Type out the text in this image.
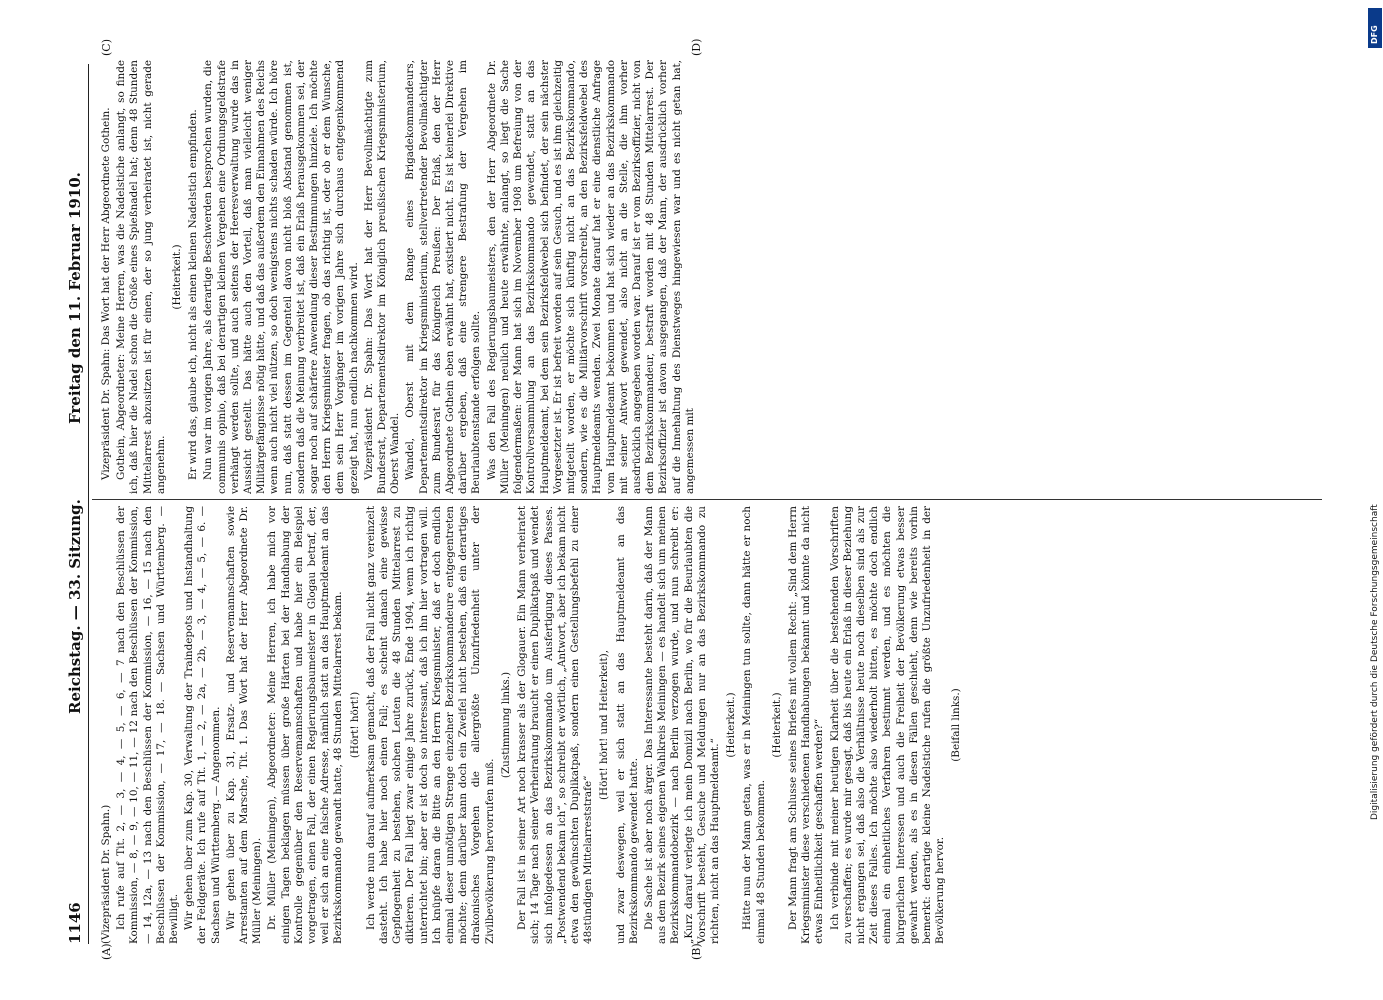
1146
Reichstag. — 33. Sitzung.
Freitag den 11. Februar 1910.
(A)	(B)
(C)	(D)

(Vizepräsident Dr. Spahn.) Ich rufe auf Tit. 2, — 3, — 4, — 5, — 6, — 7 nach den Beschlüssen der Kommission, — 8, — 9, — 10, — 11, — 12 nach den Beschlüssen der Kommission, — 14, 12a, — 13 nach den Beschlüssen der Kommission, — 16, — 15 nach den Beschlüssen der Kommission, — 17, — 18. — Sachsen und Württemberg. — Bewilligt. Wir gehen über zum Kap. 30, Verwaltung der Traindepots und Instandhaltung der Feldgeräte. Ich rufe auf Tit. 1, — 2, — 2a, — 2b, — 3, — 4, — 5, — 6. — Sachsen und Württemberg. — Angenommen. Wir gehen über zu Kap. 31, Ersatz- und Reservemannschaften sowie Arrestanten auf dem Marsche, Tit. 1. Das Wort hat der Herr Abgeordnete Dr. Müller (Meiningen). Dr. Müller (Meiningen), Abgeordneter: Meine Herren, ich habe mich vor einigen Tagen beklagen müssen über große Härten bei der Handhabung der Kontrolle gegenüber den Reservemannschaften und habe hier ein Beispiel vorgetragen, einen Fall, der einen Regierungsbaumeister in Glogau betraf, der, weil er sich an eine falsche Adresse, nämlich statt an das Hauptmeldeamt an das Bezirkskommando gewandt hatte, 48 Stunden Mittelarrest bekam. (Hört! hört!) Ich werde nun darauf aufmerksam gemacht, daß der Fall nicht ganz vereinzelt dasteht. Ich habe hier noch einen Fall; es scheint danach eine gewisse Gepflogenheit zu bestehen, solchen Leuten die 48 Stunden Mittelarrest zu diktieren. Der Fall liegt zwar einige Jahre zurück, Ende 1904, wenn ich richtig unterrichtet bin; aber er ist doch so interessant, daß ich ihn hier vortragen will. Ich knüpfe daran die Bitte an den Herrn Kriegsminister, daß er doch endlich einmal dieser unnötigen Strenge einzelner Bezirkskommandeure entgegentreten möchte; denn darüber kann doch ein Zweifel nicht bestehen, daß ein derartiges drakonisches Vorgehen die allergrößte Unzufriedenheit unter der Zivilbevölkerung hervorrufen muß.

(Zustimmung links.) Der Fall ist in seiner Art noch krasser als der Glogauer. Ein Mann verheiratet sich; 14 Tage nach seiner Verheiratung braucht er einen Duplikatpaß und wendet sich infolgedessen an das Bezirkskommando um Ausfertigung dieses Passes. „Postwendend bekam ich“, so schreibt er wörtlich, „Antwort, aber ich bekam nicht etwa den gewünschten Duplikatpaß, sondern einen Gestellungsbefehl zu einer 48stündigen Mittelarreststrafe“

(Hört! hört! und Heiterkeit), und zwar deswegen, weil er sich statt an das Hauptmeldeamt an das Bezirkskommando gewendet hatte. Die Sache ist aber noch ärger. Das Interessante besteht darin, daß der Mann aus dem Bezirk seines eigenen Wahlkreis Meiningen — es handelt sich um meinen Bezirkskommandobezirk — nach Berlin verzogen wurde, und nun schreibt er: „Kurz darauf verlegte ich mein Domizil nach Berlin, wo für die Beurlaubten die Vorschrift besteht, Gesuche und Meldungen nur an das Bezirkskommando zu richten, nicht an das Hauptmeldeamt.“

(Heiterkeit.) Hätte nun der Mann getan, was er in Meiningen tun sollte, dann hätte er noch einmal 48 Stunden bekommen.

(Heiterkeit.) Der Mann fragt am Schlusse seines Briefes mit vollem Recht: „Sind dem Herrn Kriegsminister diese verschiedenen Handhabungen bekannt und könnte da nicht etwas Einheitlichkeit geschaffen werden?“ Ich verbinde mit meiner heutigen Klarheit über die bestehenden Vorschriften zu verschaffen; es wurde mir gesagt, daß bis heute ein Erlaß in dieser Beziehung nicht ergangen sei, daß also die Verhältnisse heute noch dieselben sind als zur Zeit dieses Falles. Ich möchte also wiederholt bitten, es möchte doch endlich einmal ein einheitliches Verfahren bestimmt werden, und es möchten die bürgerlichen Interessen und auch die Freiheit der Bevölkerung etwas besser gewahrt werden, als es in diesen Fällen geschieht, denn wie bereits vorhin bemerkt: derartige kleine Nadelstiche rufen die größte Unzufriedenheit in der Bevölkerung hervor.

(Beifall links.)

Vizepräsident Dr. Spahn: Das Wort hat der Herr Abgeordnete Gothein. Gothein, Abgeordneter: Meine Herren, was die Nadelstiche anlangt, so finde ich, daß hier die Nadel schon die Größe eines Spießnadel hat; denn 48 Stunden Mittelarrest abzusitzen ist für einen, der so jung verheiratet ist, nicht gerade angenehm.

(Heiterkeit.) Er wird das, glaube ich, nicht als einen kleinen Nadelstich empfinden. Nun war im vorigen Jahre, als derartige Beschwerden besprochen wurden, die communis opinio, daß bei derartigen kleinen Vergehen eine Ordnungsgeldstrafe verhängt werden sollte, und auch seitens der Heeresverwaltung wurde das in Aussicht gestellt. Das hätte auch den Vorteil, daß man vielleicht weniger Militärgefängnisse nötig hätte, und daß das außerdem den Einnahmen des Reichs wenn auch nicht viel nützen, so doch wenigstens nichts schaden würde. Ich höre nun, daß statt dessen im Gegenteil davon nicht bloß Abstand genommen ist, sondern daß die Meinung verbreitet ist, daß ein Erlaß herausgekommen sei, der sogar noch auf schärfere Anwendung dieser Bestimmungen hinziele. Ich möchte den Herrn Kriegsminister fragen, ob das richtig ist, oder ob er dem Wunsche, dem sein Herr Vorgänger im vorigen Jahre sich durchaus entgegenkommend gezeigt hat, nun endlich nachkommen wird. Vizepräsident Dr. Spahn: Das Wort hat der Herr Bevollmächtigte zum Bundesrat, Departementsdirektor im Königlich preußischen Kriegsministerium, Oberst Wandel. Wandel, Oberst mit dem Range eines Brigadekommandeurs, Departementsdirektor im Kriegsministerium, stellvertretender Bevollmächtigter zum Bundesrat für das Königreich Preußen: Der Erlaß, den der Herr Abgeordnete Gothein eben erwähnt hat, existiert nicht. Es ist keinerlei Direktive darüber ergeben, daß eine strengere Bestrafung der Vergehen im Beurlaubtenstande erfolgen sollte. Was den Fall des Regierungsbaumeisters, den der Herr Abgeordnete Dr. Müller (Meiningen) neulich und heute erwähnte, anlangt, so liegt die Sache folgendermaßen: der Mann hat sich im November 1908 um Befreiung von der Kontrollversammlung an das Bezirkskommando gewendet, statt an das Hauptmeldeamt, bei dem sein Bezirksfeldwebel sich befindet, der sein nächster Vorgesetzter ist. Er ist befreit worden auf sein Gesuch, und es ist ihm gleichzeitig mitgeteilt worden, er möchte sich künftig nicht an das Bezirkskommando, sondern, wie es die Militärvorschrift vorschreibt, an den Bezirksfeldwebel des Hauptmeldeamts wenden. Zwei Monate darauf hat er eine dienstliche Anfrage vom Hauptmeldeamt bekommen und hat sich wieder an das Bezirkskommando mit seiner Antwort gewendet, also nicht an die Stelle, die ihm vorher ausdrücklich angegeben worden war. Darauf ist er vom Bezirksoffizier, nicht von dem Bezirkskommandeur, bestraft worden mit 48 Stunden Mittelarrest. Der Bezirksoffizier ist davon ausgegangen, daß der Mann, der ausdrücklich vorher auf die Innehaltung des Dienstweges hingewiesen war und es nicht getan hat, angemessen mit

DFG
Digitalisierung gefördert durch die Deutsche Forschungsgemeinschaft
